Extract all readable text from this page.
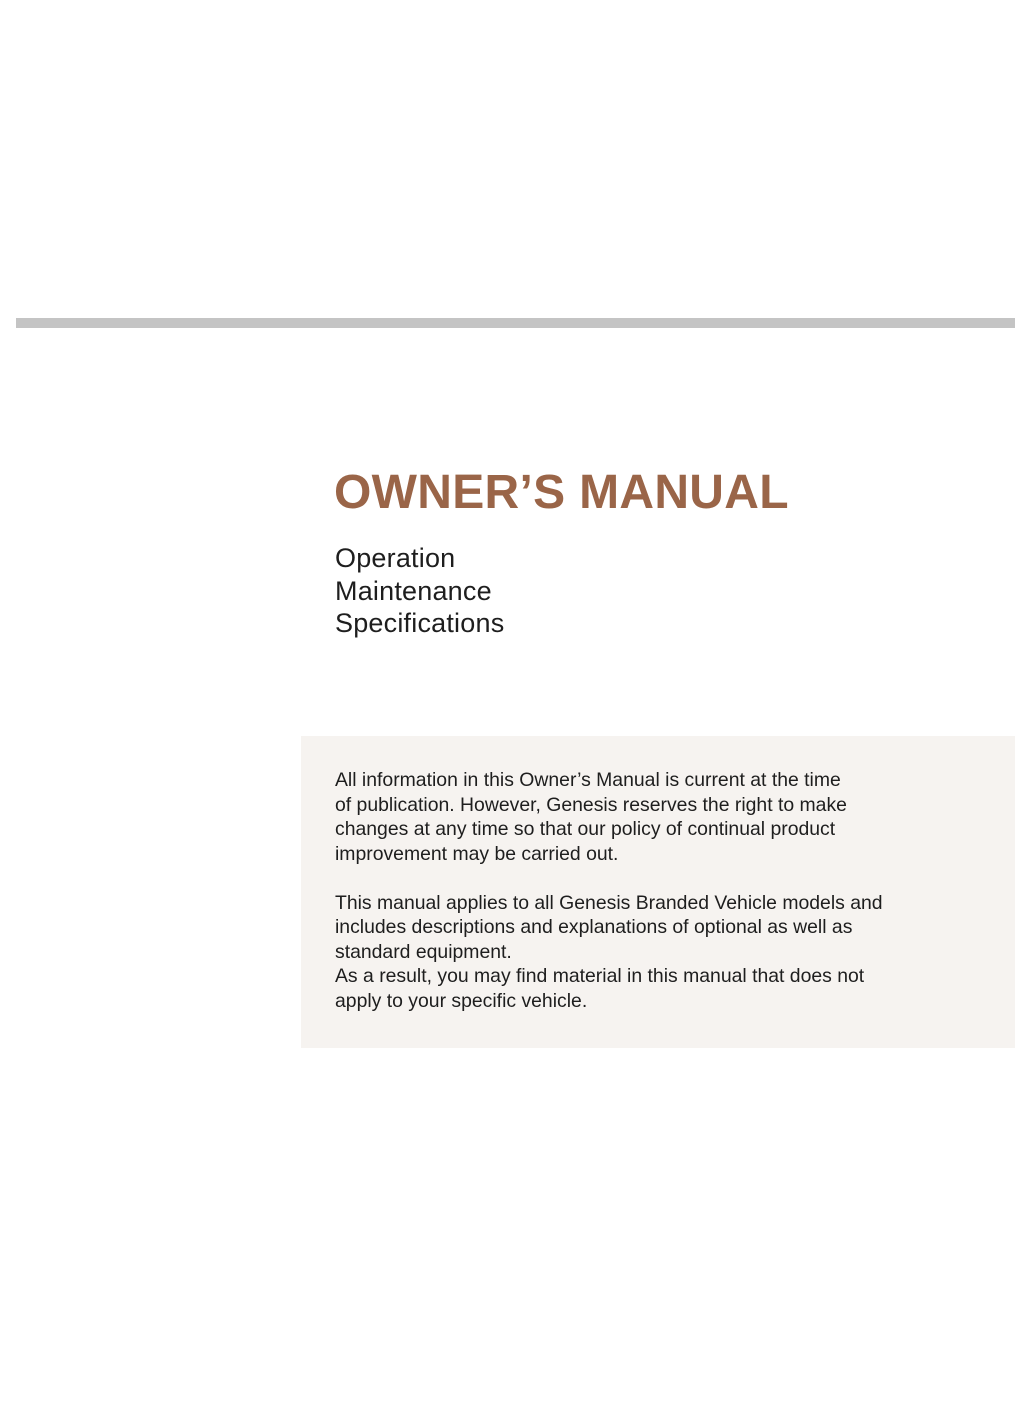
OWNER’S MANUAL
Operation
Maintenance
Specifications
All information in this Owner’s Manual is current at the time
of publication. However, Genesis reserves the right to make
changes at any time so that our policy of continual product
improvement may be carried out.
This manual applies to all Genesis Branded Vehicle models and
includes descriptions and explanations of optional as well as
standard equipment.
As a result, you may find material in this manual that does not
apply to your specific vehicle.
